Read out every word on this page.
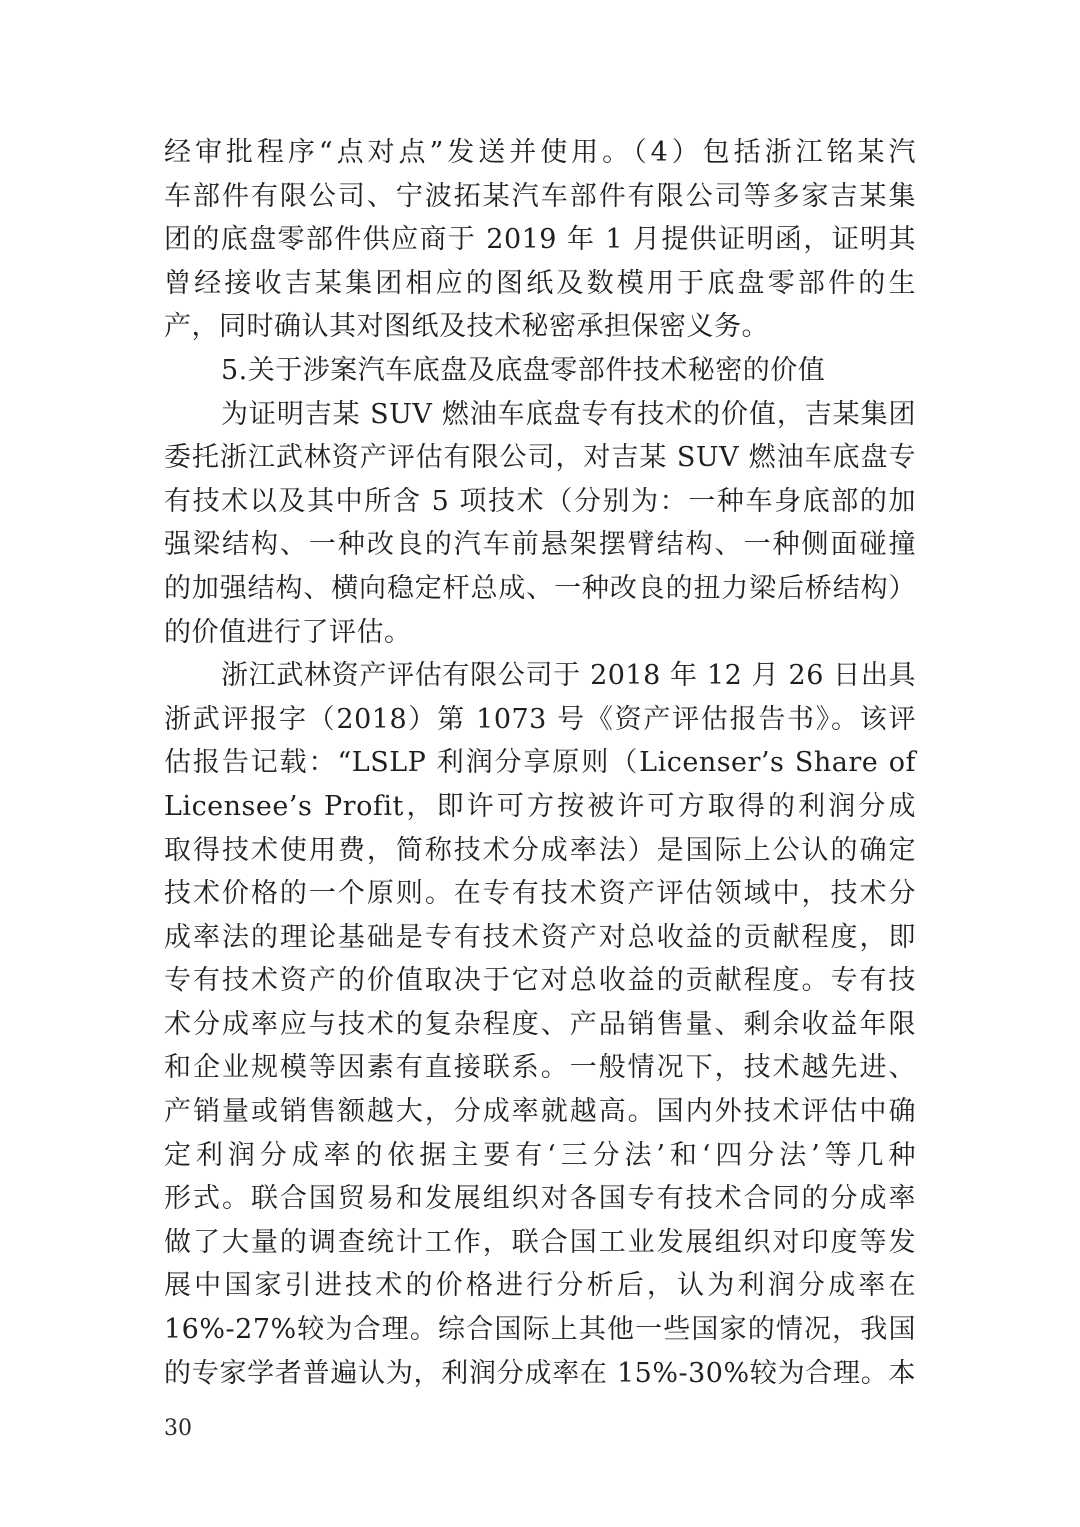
经审批程序“点对点”发送并使用。（4）包括浙江铭某汽
车部件有限公司、宁波拓某汽车部件有限公司等多家吉某集
团的底盘零部件供应商于 2019 年 1 月提供证明函，证明其
曾经接收吉某集团相应的图纸及数模用于底盘零部件的生
产，同时确认其对图纸及技术秘密承担保密义务。
5.关于涉案汽车底盘及底盘零部件技术秘密的价值
为证明吉某 SUV 燃油车底盘专有技术的价值，吉某集团
委托浙江武林资产评估有限公司，对吉某 SUV 燃油车底盘专
有技术以及其中所含 5 项技术（分别为：一种车身底部的加
强梁结构、一种改良的汽车前悬架摆臂结构、一种侧面碰撞
的加强结构、横向稳定杆总成、一种改良的扭力梁后桥结构）
的价值进行了评估。
浙江武林资产评估有限公司于 2018 年 12 月 26 日出具
浙武评报字（2018）第 1073 号《资产评估报告书》。该评
估报告记载：“LSLP 利润分享原则（Licenser’s Share of
Licensee’s Profit，即许可方按被许可方取得的利润分成
取得技术使用费，简称技术分成率法）是国际上公认的确定
技术价格的一个原则。在专有技术资产评估领域中，技术分
成率法的理论基础是专有技术资产对总收益的贡献程度，即
专有技术资产的价值取决于它对总收益的贡献程度。专有技
术分成率应与技术的复杂程度、产品销售量、剩余收益年限
和企业规模等因素有直接联系。一般情况下，技术越先进、
产销量或销售额越大，分成率就越高。国内外技术评估中确
定利润分成率的依据主要有‘三分法’和‘四分法’等几种
形式。联合国贸易和发展组织对各国专有技术合同的分成率
做了大量的调查统计工作，联合国工业发展组织对印度等发
展中国家引进技术的价格进行分析后，认为利润分成率在
16%-27%较为合理。综合国际上其他一些国家的情况，我国
的专家学者普遍认为，利润分成率在 15%-30%较为合理。本
30
